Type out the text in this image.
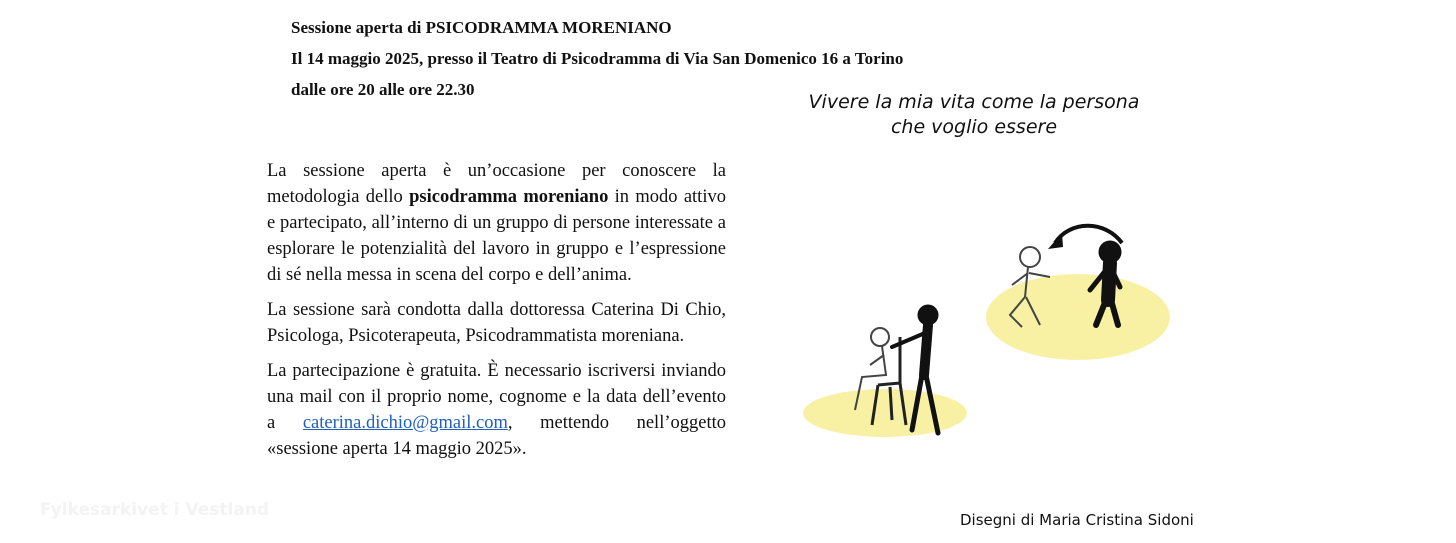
Sessione aperta di PSICODRAMMA MORENIANO
Il 14 maggio 2025, presso il Teatro di Psicodramma di Via San Domenico 16 a Torino
dalle ore 20 alle ore 22.30

La sessione aperta è un’occasione per conoscere la metodologia dello psicodramma moreniano in modo attivo e partecipato, all’interno di un gruppo di persone interessate a esplorare le potenzialità del lavoro in gruppo e l’espressione di sé nella messa in scena del corpo e dell’anima.

La sessione sarà condotta dalla dottoressa Caterina Di Chio, Psicologa, Psicoterapeuta, Psicodrammatista moreniana.

La partecipazione è gratuita. È necessario iscriversi inviando una mail con il proprio nome, cognome e la data dell’evento a caterina.dichio@gmail.com, mettendo nell’oggetto «sessione aperta 14 maggio 2025».

Vivere la mia vita come la persona
che voglio essere
Disegni di Maria Cristina Sidoni
Fylkesarkivet i Vestland
